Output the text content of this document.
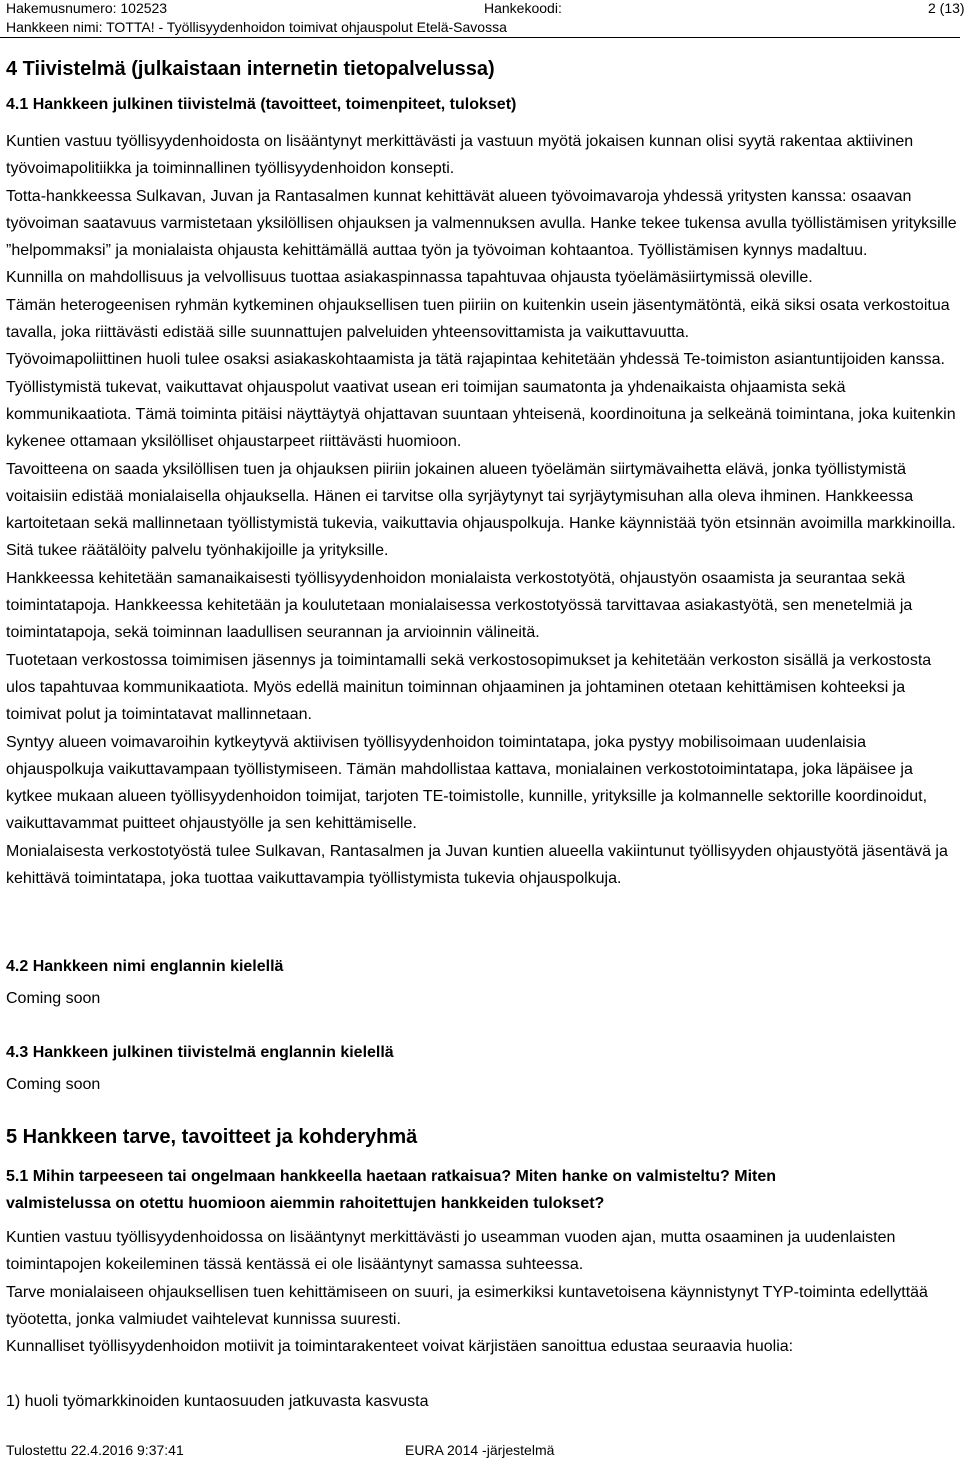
Hakemusnumero: 102523	Hankekoodi:	2 (13)
Hankkeen nimi: TOTTA! - Työllisyydenhoidon toimivat ohjauspolut Etelä-Savossa
4 Tiivistelmä (julkaistaan internetin tietopalvelussa)
4.1 Hankkeen julkinen tiivistelmä (tavoitteet, toimenpiteet, tulokset)

Kuntien vastuu työllisyydenhoidosta on lisääntynyt merkittävästi ja vastuun myötä jokaisen kunnan olisi syytä rakentaa aktiivinen työvoimapolitiikka ja toiminnallinen työllisyydenhoidon konsepti.

Totta-hankkeessa Sulkavan, Juvan ja Rantasalmen kunnat kehittävät alueen työvoimavaroja yhdessä yritysten kanssa: osaavan työvoiman saatavuus varmistetaan yksilöllisen ohjauksen ja valmennuksen avulla. Hanke tekee tukensa avulla työllistämisen yrityksille ”helpommaksi” ja monialaista ohjausta kehittämällä auttaa työn ja työvoiman kohtaantoa. Työllistämisen kynnys madaltuu.

Kunnilla on mahdollisuus ja velvollisuus tuottaa asiakaspinnassa tapahtuvaa ohjausta työelämäsiirtymissä oleville.

Tämän heterogeenisen ryhmän kytkeminen ohjauksellisen tuen piiriin on kuitenkin usein jäsentymätöntä, eikä siksi osata verkostoitua tavalla, joka riittävästi edistää sille suunnattujen palveluiden yhteensovittamista ja vaikuttavuutta.

Työvoimapoliittinen huoli tulee osaksi asiakaskohtaamista ja tätä rajapintaa kehitetään yhdessä Te-toimiston asiantuntijoiden kanssa. Työllistymistä tukevat, vaikuttavat ohjauspolut vaativat usean eri toimijan saumatonta ja yhdenaikaista ohjaamista sekä kommunikaatiota. Tämä toiminta pitäisi näyttäytyä ohjattavan suuntaan yhteisenä, koordinoituna ja selkeänä toimintana, joka kuitenkin kykenee ottamaan yksilölliset ohjaustarpeet riittävästi huomioon.

Tavoitteena on saada yksilöllisen tuen ja ohjauksen piiriin jokainen alueen työelämän siirtymävaihetta elävä, jonka työllistymistä voitaisiin edistää monialaisella ohjauksella. Hänen ei tarvitse olla syrjäytynyt tai syrjäytymisuhan alla oleva ihminen. Hankkeessa kartoitetaan sekä mallinnetaan työllistymistä tukevia, vaikuttavia ohjauspolkuja. Hanke käynnistää työn etsinnän avoimilla markkinoilla. Sitä tukee räätälöity palvelu työnhakijoille ja yrityksille.

Hankkeessa kehitetään samanaikaisesti työllisyydenhoidon monialaista verkostotyötä, ohjaustyön osaamista ja seurantaa sekä toimintatapoja. Hankkeessa kehitetään ja koulutetaan monialaisessa verkostotyössä tarvittavaa asiakastyötä, sen menetelmiä ja toimintatapoja, sekä toiminnan laadullisen seurannan ja arvioinnin välineitä.

Tuotetaan verkostossa toimimisen jäsennys ja toimintamalli sekä verkostosopimukset ja kehitetään verkoston sisällä ja verkostosta ulos tapahtuvaa kommunikaatiota. Myös edellä mainitun toiminnan ohjaaminen ja johtaminen otetaan kehittämisen kohteeksi ja toimivat polut ja toimintatavat mallinnetaan.

Syntyy alueen voimavaroihin kytkeytyvä aktiivisen työllisyydenhoidon toimintatapa, joka pystyy mobilisoimaan uudenlaisia ohjauspolkuja vaikuttavampaan työllistymiseen. Tämän mahdollistaa kattava, monialainen verkostotoimintatapa, joka läpäisee ja kytkee mukaan alueen työllisyydenhoidon toimijat, tarjoten TE-toimistolle, kunnille, yrityksille ja kolmannelle sektorille koordinoidut, vaikuttavammat puitteet ohjaustyölle ja sen kehittämiselle.

Monialaisesta verkostotyöstä tulee Sulkavan, Rantasalmen ja Juvan kuntien alueella vakiintunut työllisyyden ohjaustyötä jäsentävä ja kehittävä toimintatapa, joka tuottaa vaikuttavampia työllistymista tukevia ohjauspolkuja.

4.2 Hankkeen nimi englannin kielellä
Coming soon
4.3 Hankkeen julkinen tiivistelmä englannin kielellä
Coming soon
5 Hankkeen tarve, tavoitteet ja kohderyhmä
5.1 Mihin tarpeeseen tai ongelmaan hankkeella haetaan ratkaisua? Miten hanke on valmisteltu? Miten
valmistelussa on otettu huomioon aiemmin rahoitettujen hankkeiden tulokset?

Kuntien vastuu työllisyydenhoidossa on lisääntynyt merkittävästi jo useamman vuoden ajan, mutta osaaminen ja uudenlaisten toimintapojen kokeileminen tässä kentässä ei ole lisääntynyt samassa suhteessa.

Tarve monialaiseen ohjauksellisen tuen kehittämiseen on suuri, ja esimerkiksi kuntavetoisena käynnistynyt TYP-toiminta edellyttää työotetta, jonka valmiudet vaihtelevat kunnissa suuresti.

Kunnalliset työllisyydenhoidon motiivit ja toimintarakenteet voivat kärjistäen sanoittua edustaa seuraavia huolia:

1) huoli työmarkkinoiden kuntaosuuden jatkuvasta kasvusta
Tulostettu 22.4.2016 9:37:41	EURA 2014 -järjestelmä
